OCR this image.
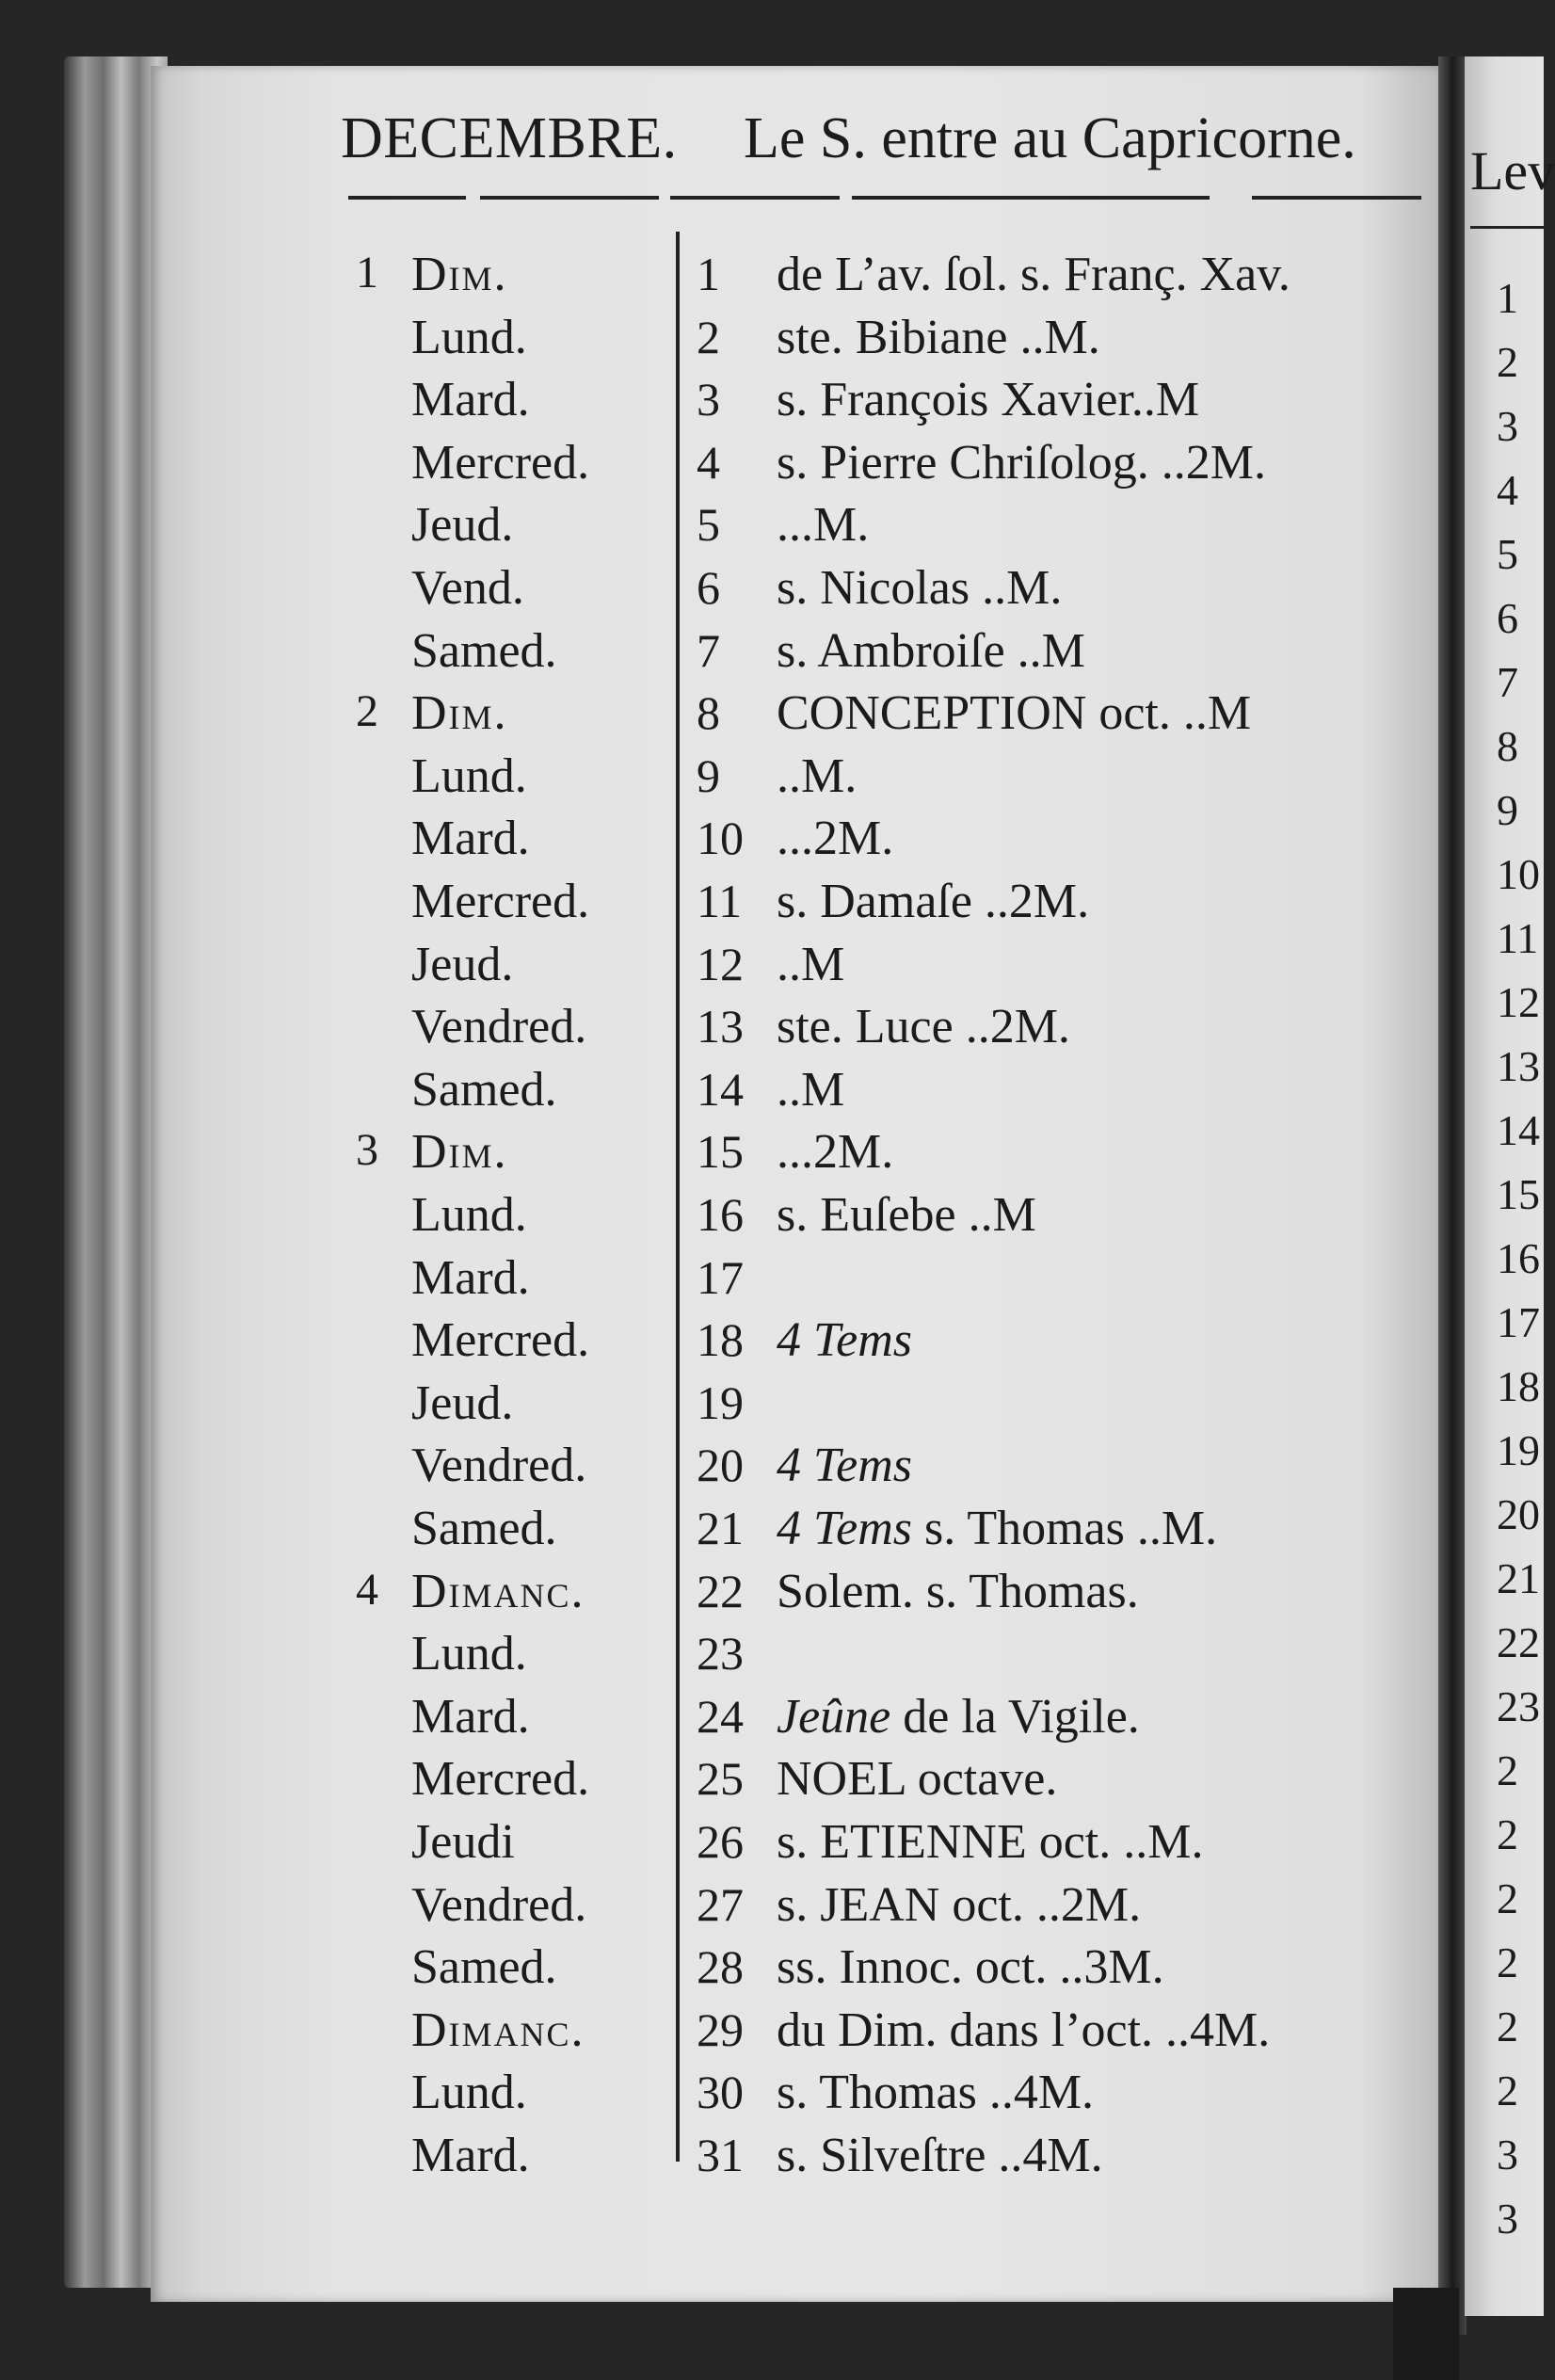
DECEMBRE. Le S. entre au Capricorne.
1 Dim.	1	de L’av. ſol. s. Franç. Xav.
Lund.	2	ste. Bibiane ..M.
Mard.	3	s. François Xavier..M
Mercred. 4	s. Pierre Chriſolog. ..2M.
Jeud.	5	...M.
Vend.	6	s. Nicolas ..M.
Samed.	7	s. Ambroiſe ..M
2 Dim.	8	CONCEPTION oct. ..M
Lund.	9	..M.
Mard.	10 ...2M.
Mercred. 11 s. Damaſe ..2M.
Jeud.	12 ..M
Vendred. 13 ste. Luce ..2M.
Samed.	14 ..M
3 Dim.	15 ...2M.
Lund.	16 s. Euſebe ..M
Mard.	17
Mercred. 18 4 Tems
Jeud.	19
Vendred. 20 4 Tems
Samed.	21 4 Tems s. Thomas ..M.
4 Dimanc. 22 Solem. s. Thomas.
Lund.	23
Mard.	24 Jeûne de la Vigile.
Mercred. 25 NOEL octave.
Jeudi	26 s. ETIENNE oct. ..M.
Vendred. 27 s. JEAN oct. ..2M.
Samed.	28 ss. Innoc. oct. ..3M.
Dimanc. 29 du Dim. dans l’oct. ..4M.
Lund.	30 s. Thomas ..4M.
Mard.	31 s. Silveſtre ..4M.
Lev
1
2
3
4
5
6
7
8
9
10
11
12
13
14
15
16
17
18
19
20
21
22
23
2
2
2
2
2
2
3
3
